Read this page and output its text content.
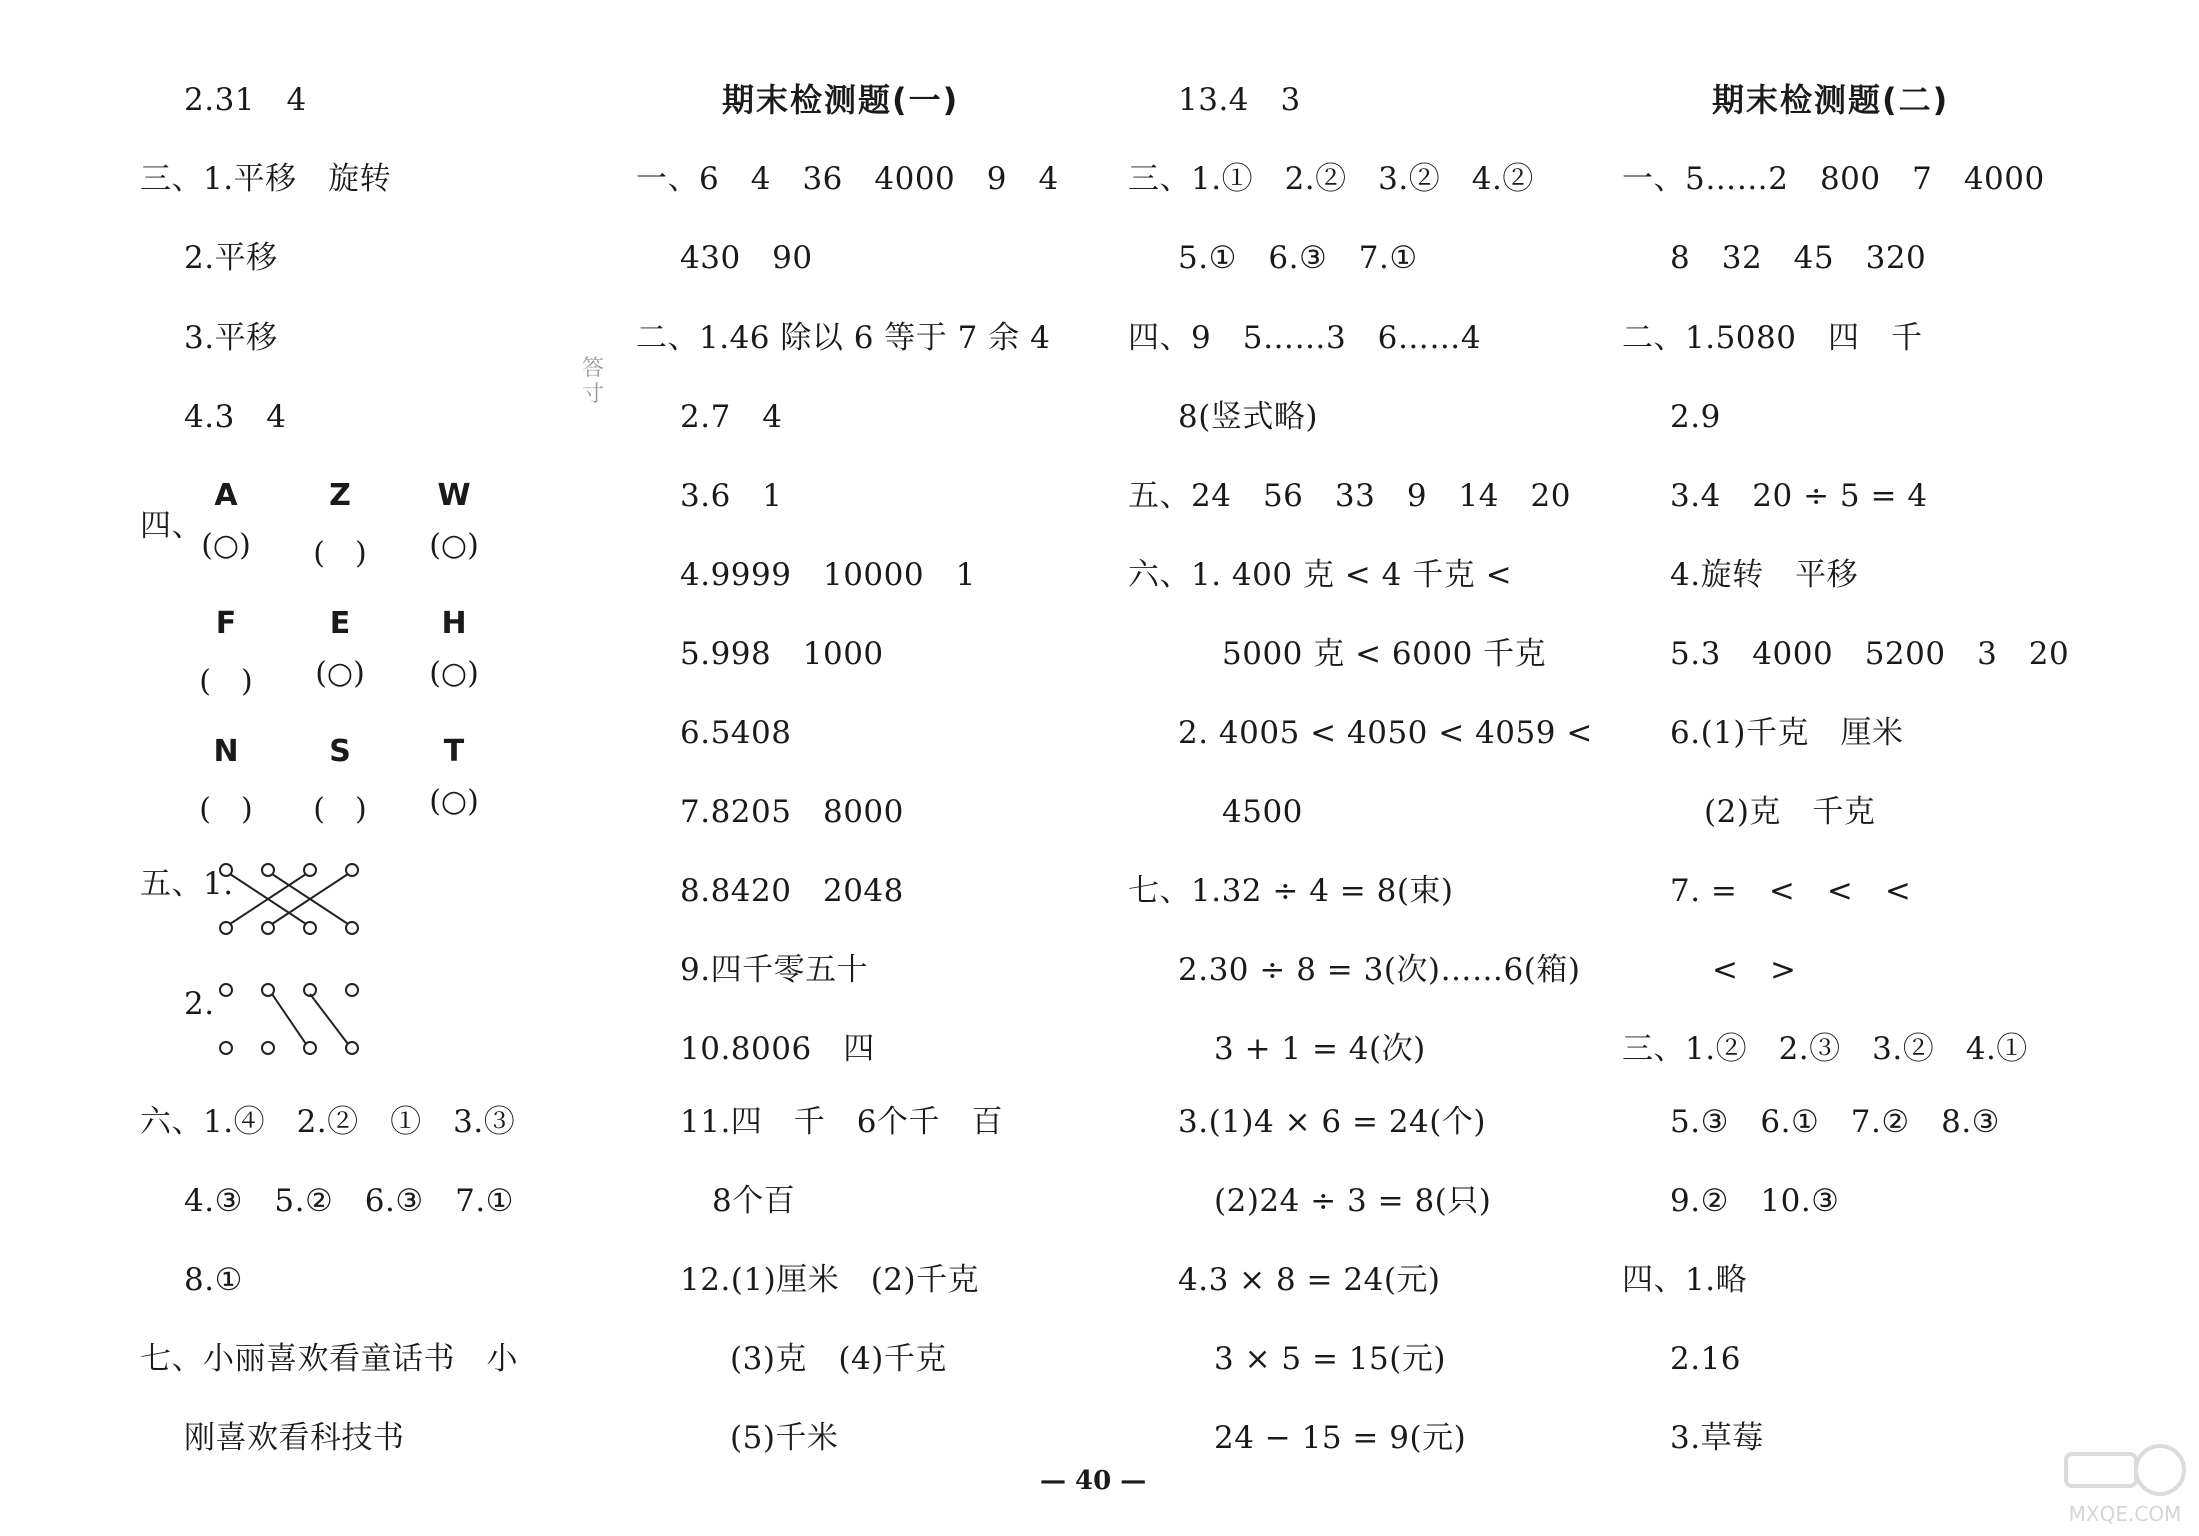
2.31　4
三、1.平移　旋转
2.平移
3.平移
4.3　4
四、
A	Z	W
(○)	(　)	(○)
F	E	H
(　)	(○)	(○)
N	S	T
(　)	(　)	(○)
五、1.
2.
六、1.④　2.②　①　3.③
4.③　5.②　6.③　7.①
8.①
七、小丽喜欢看童话书　小
刚喜欢看科技书
答寸
期末检测题(一)
一、6　4　36　4000　9　4
430　90
二、1.46 除以 6 等于 7 余 4
2.7　4
3.6　1
4.9999　10000　1
5.998　1000
6.5408
7.8205　8000
8.8420　2048
9.四千零五十
10.8006　四
11.四　千　6个千　百
8个百
12.(1)厘米　(2)千克
(3)克　(4)千克
(5)千米
13.4　3
三、1.①　2.②　3.②　4.②
5.①　6.③　7.①
四、9　5……3　6……4
8(竖式略)
五、24　56　33　9　14　20
六、1. 400 克 < 4 千克 <
5000 克 < 6000 千克
2. 4005 < 4050 < 4059 <
4500
七、1.32 ÷ 4 = 8(束)
2.30 ÷ 8 = 3(次)……6(箱)
3 + 1 = 4(次)
3.(1)4 × 6 = 24(个)
(2)24 ÷ 3 = 8(只)
4.3 × 8 = 24(元)
3 × 5 = 15(元)
24 − 15 = 9(元)
期末检测题(二)
一、5……2　800　7　4000
8　32　45　320
二、1.5080　四　千
2.9
3.4　20 ÷ 5 = 4
4.旋转　平移
5.3　4000　5200　3　20
6.(1)千克　厘米
(2)克　千克
7. =　<　<　<
<　>
三、1.②　2.③　3.②　4.①
5.③　6.①　7.②　8.③
9.②　10.③
四、1.略
2.16
3.草莓
— 40 —
MXQE.COM
